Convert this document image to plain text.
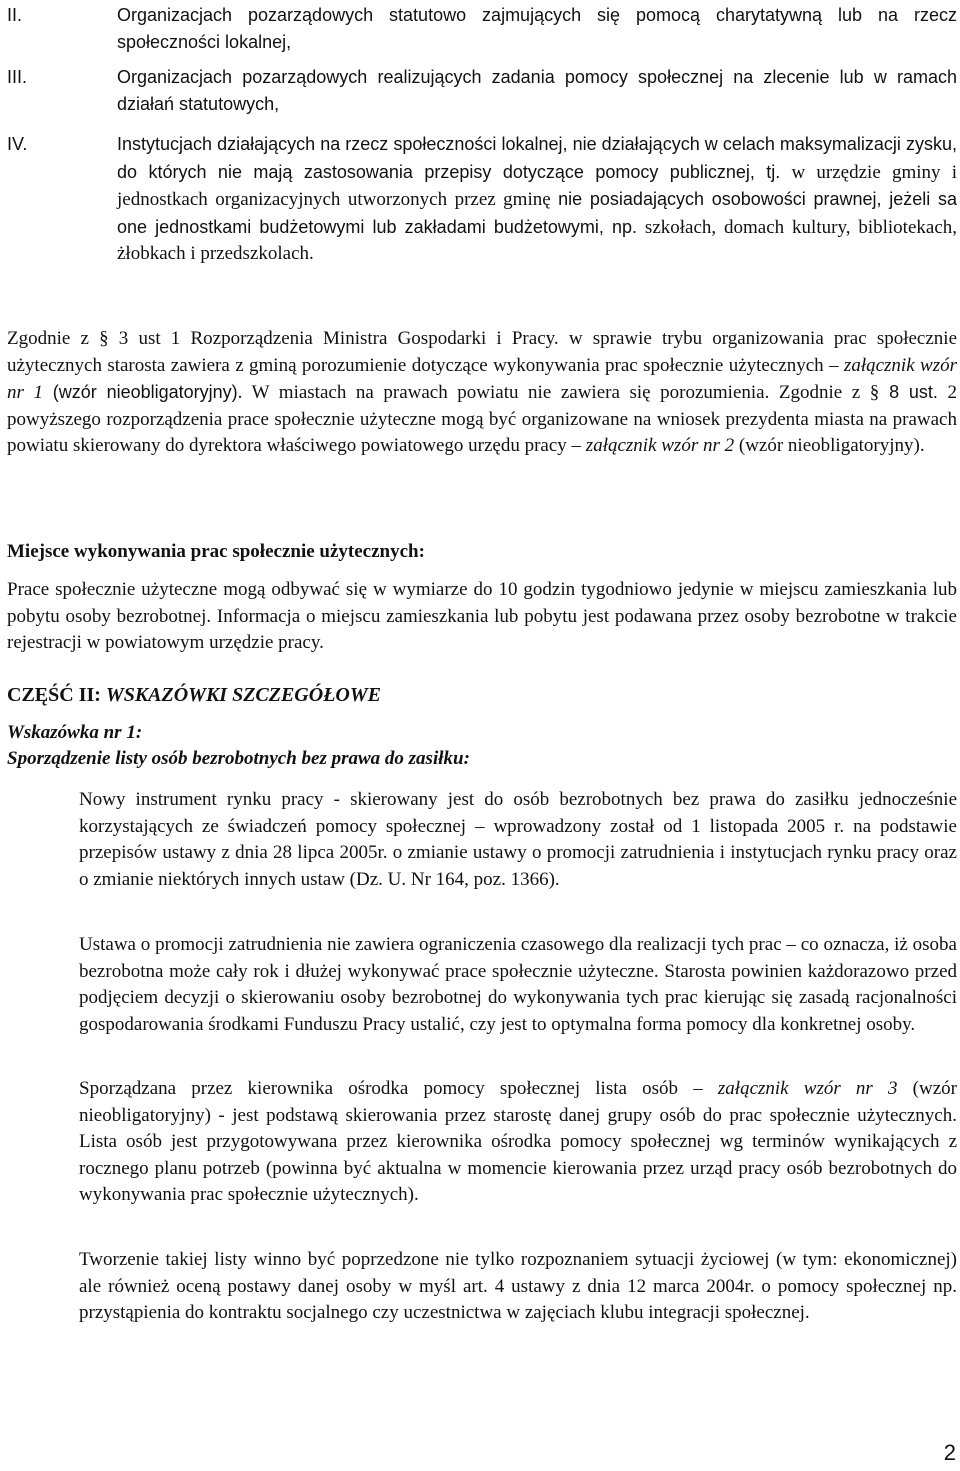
II.	Organizacjach pozarządowych statutowo zajmujących się pomocą charytatywną lub na rzecz społeczności lokalnej,
III.	Organizacjach pozarządowych realizujących zadania pomocy społecznej na zlecenie lub w ramach działań statutowych,
IV.	Instytucjach działających na rzecz społeczności lokalnej, nie działających w celach maksymalizacji zysku, do których nie mają zastosowania przepisy dotyczące pomocy publicznej, tj. w urzędzie gminy i jednostkach organizacyjnych utworzonych przez gminę nie posiadających osobowości prawnej, jeżeli sa one jednostkami budżetowymi lub zakładami budżetowymi, np. szkołach, domach kultury, bibliotekach, żłobkach i przedszkolach.

Zgodnie z § 3 ust 1 Rozporządzenia Ministra Gospodarki i Pracy. w sprawie trybu organizowania prac społecznie użytecznych starosta zawiera z gminą porozumienie dotyczące wykonywania prac społecznie użytecznych – załącznik wzór nr 1 (wzór nieobligatoryjny). W miastach na prawach powiatu nie zawiera się porozumienia. Zgodnie z § 8 ust. 2 powyższego rozporządzenia prace społecznie użyteczne mogą być organizowane na wniosek prezydenta miasta na prawach powiatu skierowany do dyrektora właściwego powiatowego urzędu pracy – załącznik wzór nr 2 (wzór nieobligatoryjny).

Miejsce wykonywania prac społecznie użytecznych:

Prace społecznie użyteczne mogą odbywać się w wymiarze do 10 godzin tygodniowo jedynie w miejscu zamieszkania lub pobytu osoby bezrobotnej. Informacja o miejscu zamieszkania lub pobytu jest podawana przez osoby bezrobotne w trakcie rejestracji w powiatowym urzędzie pracy.

CZĘŚĆ II: WSKAZÓWKI SZCZEGÓŁOWE

Wskazówka nr 1:

Sporządzenie listy osób bezrobotnych bez prawa do zasiłku:

Nowy instrument rynku pracy - skierowany jest do osób bezrobotnych bez prawa do zasiłku jednocześnie korzystających ze świadczeń pomocy społecznej – wprowadzony został od 1 listopada 2005 r. na podstawie przepisów ustawy z dnia 28 lipca 2005r. o zmianie ustawy o promocji zatrudnienia i instytucjach rynku pracy oraz o zmianie niektórych innych ustaw (Dz. U. Nr 164, poz. 1366).

Ustawa o promocji zatrudnienia nie zawiera ograniczenia czasowego dla realizacji tych prac – co oznacza, iż osoba bezrobotna może cały rok i dłużej wykonywać prace społecznie użyteczne. Starosta powinien każdorazowo przed podjęciem decyzji o skierowaniu osoby bezrobotnej do wykonywania tych prac kierując się zasadą racjonalności gospodarowania środkami Funduszu Pracy ustalić, czy jest to optymalna forma pomocy dla konkretnej osoby.

Sporządzana przez kierownika ośrodka pomocy społecznej lista osób – załącznik wzór nr 3 (wzór nieobligatoryjny) - jest podstawą skierowania przez starostę danej grupy osób do prac społecznie użytecznych. Lista osób jest przygotowywana przez kierownika ośrodka pomocy społecznej wg terminów wynikających z rocznego planu potrzeb (powinna być aktualna w momencie kierowania przez urząd pracy osób bezrobotnych do wykonywania prac społecznie użytecznych).

Tworzenie takiej listy winno być poprzedzone nie tylko rozpoznaniem sytuacji życiowej (w tym: ekonomicznej) ale również oceną postawy danej osoby w myśl art. 4 ustawy z dnia 12 marca 2004r. o pomocy społecznej np. przystąpienia do kontraktu socjalnego czy uczestnictwa w zajęciach klubu integracji społecznej.

2
